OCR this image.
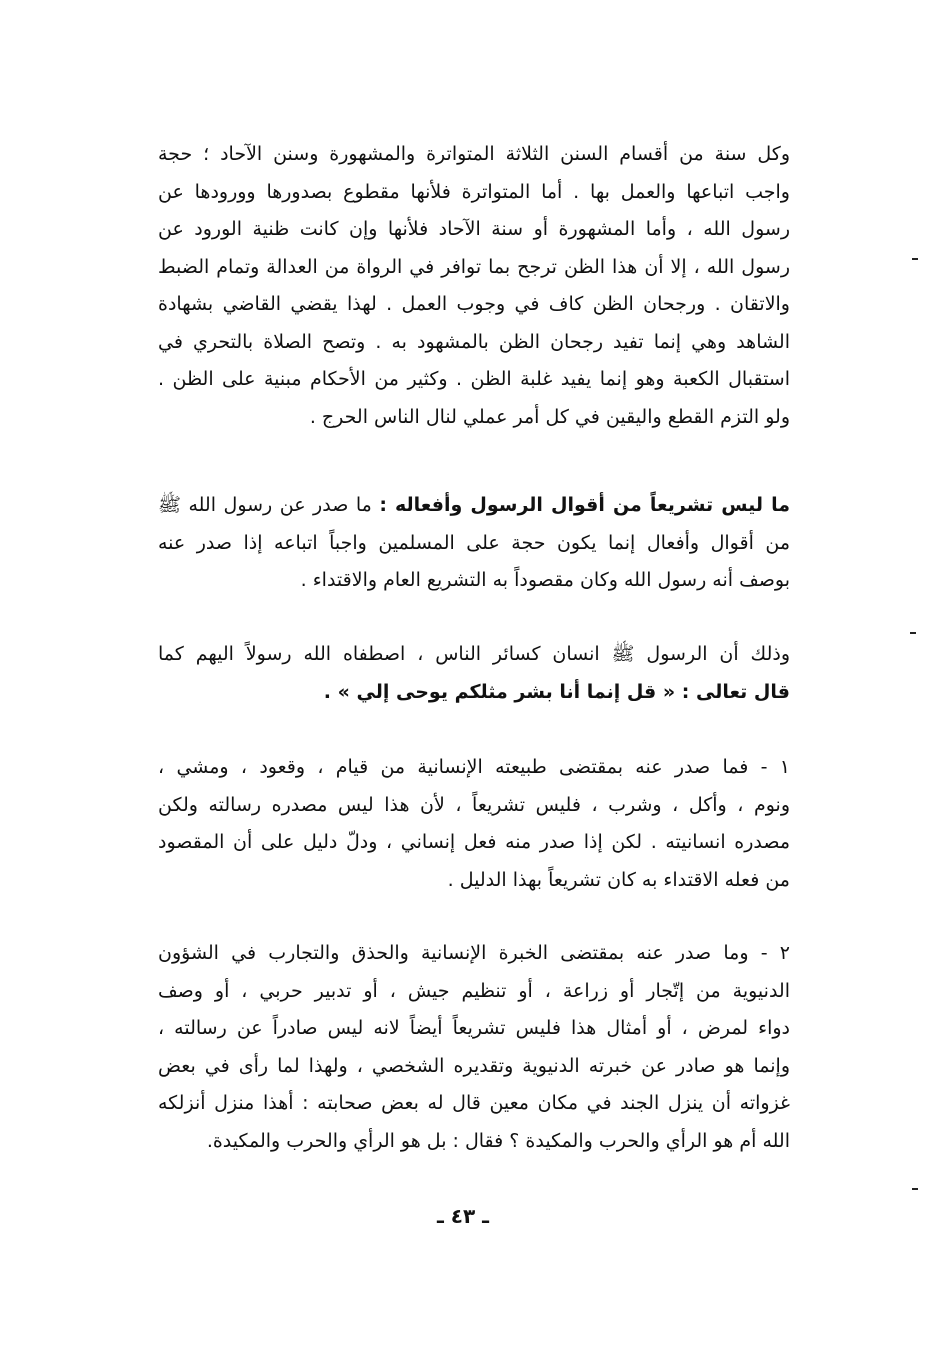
وكل سنة من أقسام السنن الثلاثة المتواترة والمشهورة وسنن الآحاد ؛ حجة
واجب اتباعها والعمل بها . أما المتواترة فلأنها مقطوع بصدورها وورودها عن
رسول الله ، وأما المشهورة أو سنة الآحاد فلأنها وإن كانت ظنية الورود عن
رسول الله ، إلا أن هذا الظن ترجح بما توافر في الرواة من العدالة وتمام الضبط
والاتقان . ورجحان الظن كاف في وجوب العمل . لهذا يقضي القاضي بشهادة
الشاهد وهي إنما تفيد رجحان الظن بالمشهود به . وتصح الصلاة بالتحري في
استقبال الكعبة وهو إنما يفيد غلبة الظن . وكثير من الأحكام مبنية على الظن .
ولو التزم القطع واليقين في كل أمر عملي لنال الناس الحرج .
ما ليس تشريعاً من أقوال الرسول وأفعاله : ما صدر عن رسول الله ﷺ
من أقوال وأفعال إنما يكون حجة على المسلمين واجباً اتباعه إذا صدر عنه
بوصف أنه رسول الله وكان مقصوداً به التشريع العام والاقتداء .
وذلك أن الرسول ﷺ انسان كسائر الناس ، اصطفاه الله رسولاً اليهم كما
قال تعالى : « قل إنما أنا بشر مثلكم يوحى إلي » .
١ - فما صدر عنه بمقتضى طبيعته الإنسانية من قيام ، وقعود ، ومشي ،
ونوم ، وأكل ، وشرب ، فليس تشريعاً ، لأن هذا ليس مصدره رسالته ولكن
مصدره انسانيته . لكن إذا صدر منه فعل إنساني ، ودلّ دليل على أن المقصود
من فعله الاقتداء به كان تشريعاً بهذا الدليل .
٢ - وما صدر عنه بمقتضى الخبرة الإنسانية والحذق والتجارب في الشؤون
الدنيوية من إتّجار أو زراعة ، أو تنظيم جيش ، أو تدبير حربي ، أو وصف
دواء لمرض ، أو أمثال هذا فليس تشريعاً أيضاً لانه ليس صادراً عن رسالته ،
وإنما هو صادر عن خبرته الدنيوية وتقديره الشخصي ، ولهذا لما رأى في بعض
غزواته أن ينزل الجند في مكان معين قال له بعض صحابته : أهذا منزل أنزلكه
الله أم هو الرأي والحرب والمكيدة ؟ فقال : بل هو الرأي والحرب والمكيدة.
ـ ٤٣ ـ
